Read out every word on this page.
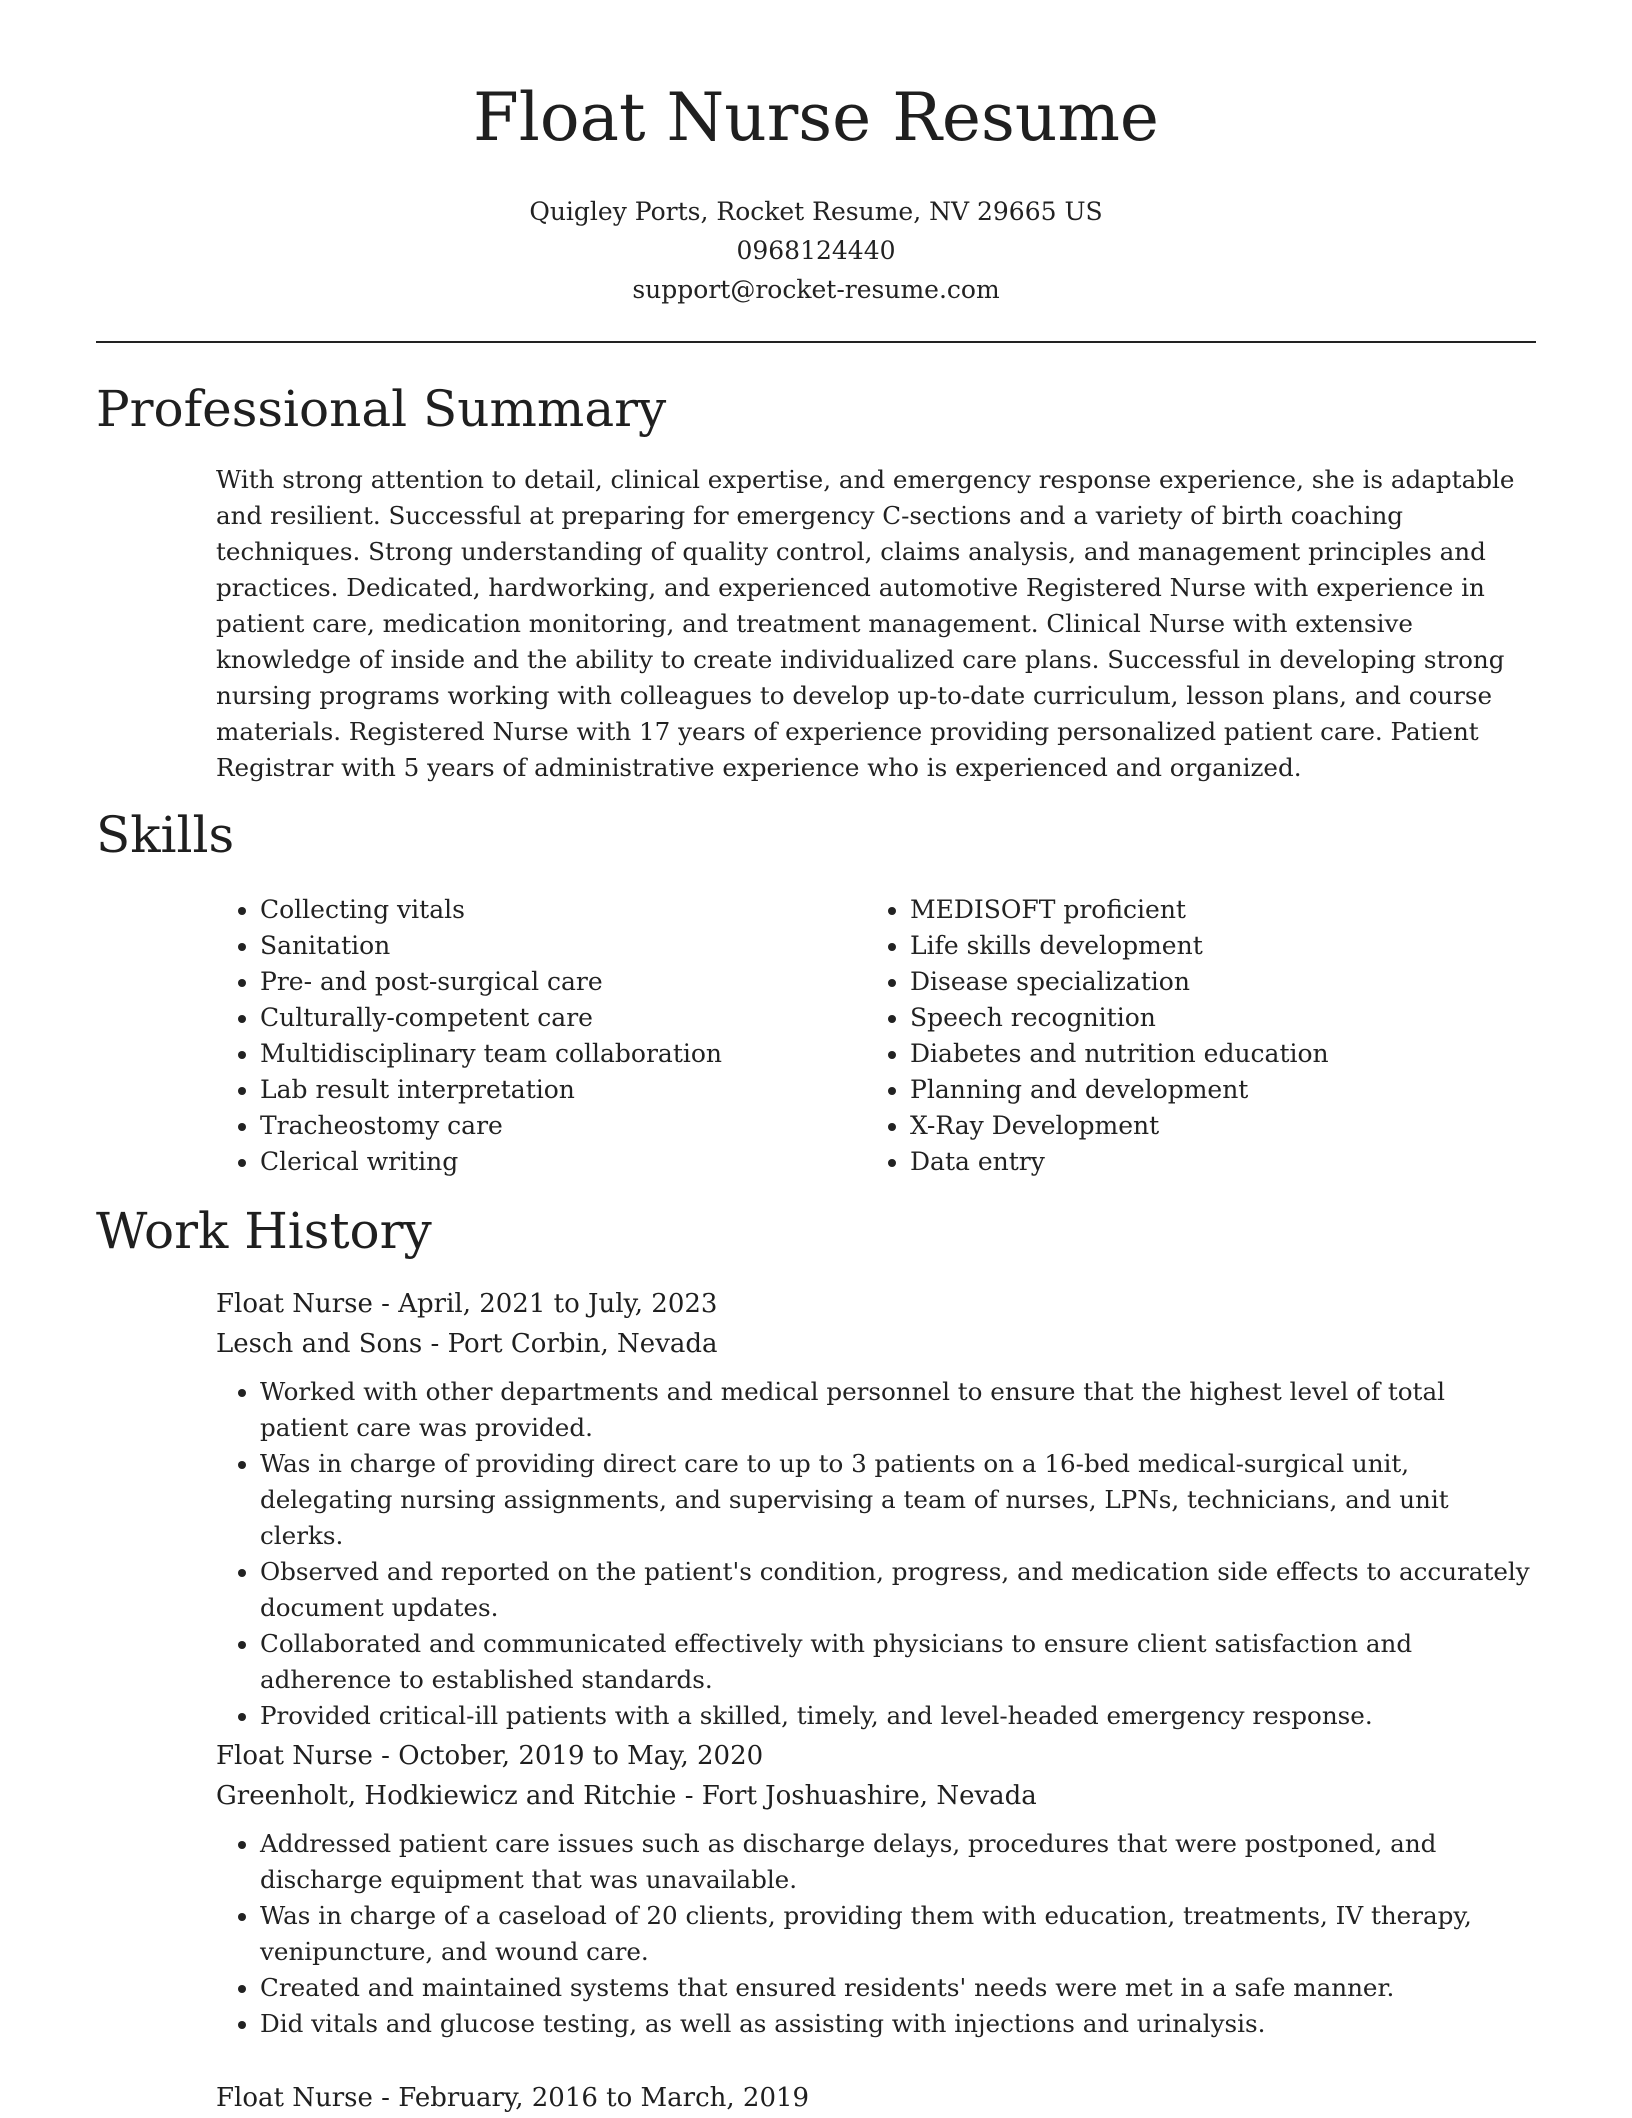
Float Nurse Resume
Quigley Ports, Rocket Resume, NV 29665 US
0968124440
support@rocket-resume.com
Professional Summary

With strong attention to detail, clinical expertise, and emergency response experience, she is adaptable and resilient. Successful at preparing for emergency C-sections and a variety of birth coaching techniques. Strong understanding of quality control, claims analysis, and management principles and practices. Dedicated, hardworking, and experienced automotive Registered Nurse with experience in patient care, medication monitoring, and treatment management. Clinical Nurse with extensive knowledge of inside and the ability to create individualized care plans. Successful in developing strong nursing programs working with colleagues to develop up-to-date curriculum, lesson plans, and course materials. Registered Nurse with 17 years of experience providing personalized patient care. Patient Registrar with 5 years of administrative experience who is experienced and organized.

Skills
• Collecting vitals
• Sanitation
• Pre- and post-surgical care
• Culturally-competent care
• Multidisciplinary team collaboration
• Lab result interpretation
• Tracheostomy care
• Clerical writing
• MEDISOFT proficient
• Life skills development
• Disease specialization
• Speech recognition
• Diabetes and nutrition education
• Planning and development
• X-Ray Development
• Data entry
Work History
Float Nurse - April, 2021 to July, 2023
Lesch and Sons - Port Corbin, Nevada
• Worked with other departments and medical personnel to ensure that the highest level of total patient care was provided.
• Was in charge of providing direct care to up to 3 patients on a 16-bed medical-surgical unit, delegating nursing assignments, and supervising a team of nurses, LPNs, technicians, and unit clerks.
• Observed and reported on the patient's condition, progress, and medication side effects to accurately document updates.
• Collaborated and communicated effectively with physicians to ensure client satisfaction and adherence to established standards.
• Provided critical-ill patients with a skilled, timely, and level-headed emergency response.
Float Nurse - October, 2019 to May, 2020
Greenholt, Hodkiewicz and Ritchie - Fort Joshuashire, Nevada
• Addressed patient care issues such as discharge delays, procedures that were postponed, and discharge equipment that was unavailable.
• Was in charge of a caseload of 20 clients, providing them with education, treatments, IV therapy, venipuncture, and wound care.
• Created and maintained systems that ensured residents' needs were met in a safe manner.
• Did vitals and glucose testing, as well as assisting with injections and urinalysis.
Float Nurse - February, 2016 to March, 2019
